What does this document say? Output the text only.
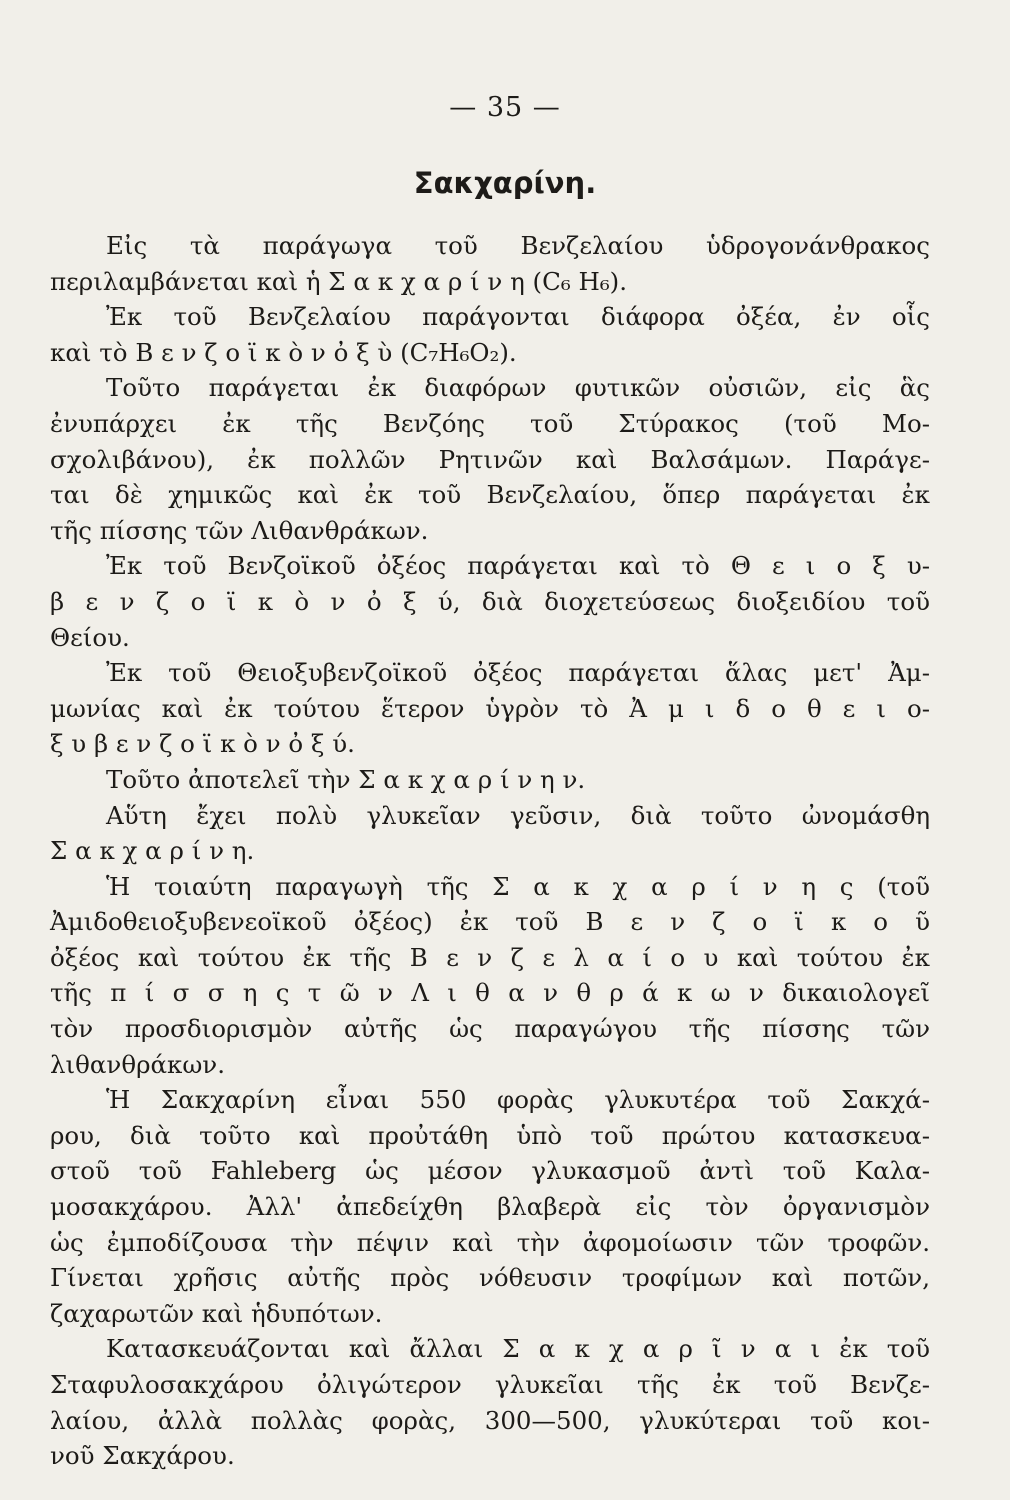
— 35 —
Σακχαρίνη.
Εἰς τὰ παράγωγα τοῦ Βενζελαίου ὑδρογονάνθρακος
περιλαμβάνεται καὶ ἡ Σ α κ χ α ρ ί ν η (C₆ H₆).
Ἐκ τοῦ Βενζελαίου παράγονται διάφορα ὀξέα, ἐν οἷς
καὶ τὸ Β ε ν ζ ο ϊ κ ὸ ν ὀ ξ ὺ (C₇H₆O₂).
Τοῦτο παράγεται ἐκ διαφόρων φυτικῶν οὐσιῶν, εἰς ἃς
ἐνυπάρχει ἐκ τῆς Βενζόης τοῦ Στύρακος (τοῦ Μο-
σχολιβάνου), ἐκ πολλῶν Ρητινῶν καὶ Βαλσάμων. Παράγε-
ται δὲ χημικῶς καὶ ἐκ τοῦ Βενζελαίου, ὅπερ παράγεται ἐκ
τῆς πίσσης τῶν Λιθανθράκων.
Ἐκ τοῦ Βενζοϊκοῦ ὀξέος παράγεται καὶ τὸ Θ ε ι ο ξ υ-
β ε ν ζ ο ϊ κ ὸ ν ὀ ξ ύ, διὰ διοχετεύσεως διοξειδίου τοῦ
Θείου.
Ἐκ τοῦ Θειοξυβενζοϊκοῦ ὀξέος παράγεται ἅλας μετ' Ἀμ-
μωνίας καὶ ἐκ τούτου ἕτερον ὑγρὸν τὸ Ἀ μ ι δ ο θ ε ι ο-
ξ υ β ε ν ζ ο ϊ κ ὸ ν ὀ ξ ύ.
Τοῦτο ἀποτελεῖ τὴν Σ α κ χ α ρ ί ν η ν.
Αὕτη ἔχει πολὺ γλυκεῖαν γεῦσιν, διὰ τοῦτο ὠνομάσθη
Σ α κ χ α ρ ί ν η.
Ἡ τοιαύτη παραγωγὴ τῆς Σ α κ χ α ρ ί ν η ς (τοῦ
Ἀμιδοθειοξυβενεοϊκοῦ ὀξέος) ἐκ τοῦ Β ε ν ζ ο ϊ κ ο ῦ
ὀξέος καὶ τούτου ἐκ τῆς Β ε ν ζ ε λ α ί ο υ καὶ τούτου ἐκ
τῆς π ί σ σ η ς τ ῶ ν Λ ι θ α ν θ ρ ά κ ω ν δικαιολογεῖ
τὸν προσδιορισμὸν αὐτῆς ὡς παραγώγου τῆς πίσσης τῶν
λιθανθράκων.
Ἡ Σακχαρίνη εἶναι 550 φορὰς γλυκυτέρα τοῦ Σακχά-
ρου, διὰ τοῦτο καὶ προὐτάθη ὑπὸ τοῦ πρώτου κατασκευα-
στοῦ τοῦ Fahleberg ὡς μέσον γλυκασμοῦ ἀντὶ τοῦ Καλα-
μοσακχάρου. Ἀλλ' ἀπεδείχθη βλαβερὰ εἰς τὸν ὀργανισμὸν
ὡς ἐμποδίζουσα τὴν πέψιν καὶ τὴν ἀφομοίωσιν τῶν τροφῶν.
Γίνεται χρῆσις αὐτῆς πρὸς νόθευσιν τροφίμων καὶ ποτῶν,
ζαχαρωτῶν καὶ ἡδυπότων.
Κατασκευάζονται καὶ ἄλλαι Σ α κ χ α ρ ῖ ν α ι ἐκ τοῦ
Σταφυλοσακχάρου ὀλιγώτερον γλυκεῖαι τῆς ἐκ τοῦ Βενζε-
λαίου, ἀλλὰ πολλὰς φορὰς, 300—500, γλυκύτεραι τοῦ κοι-
νοῦ Σακχάρου.
